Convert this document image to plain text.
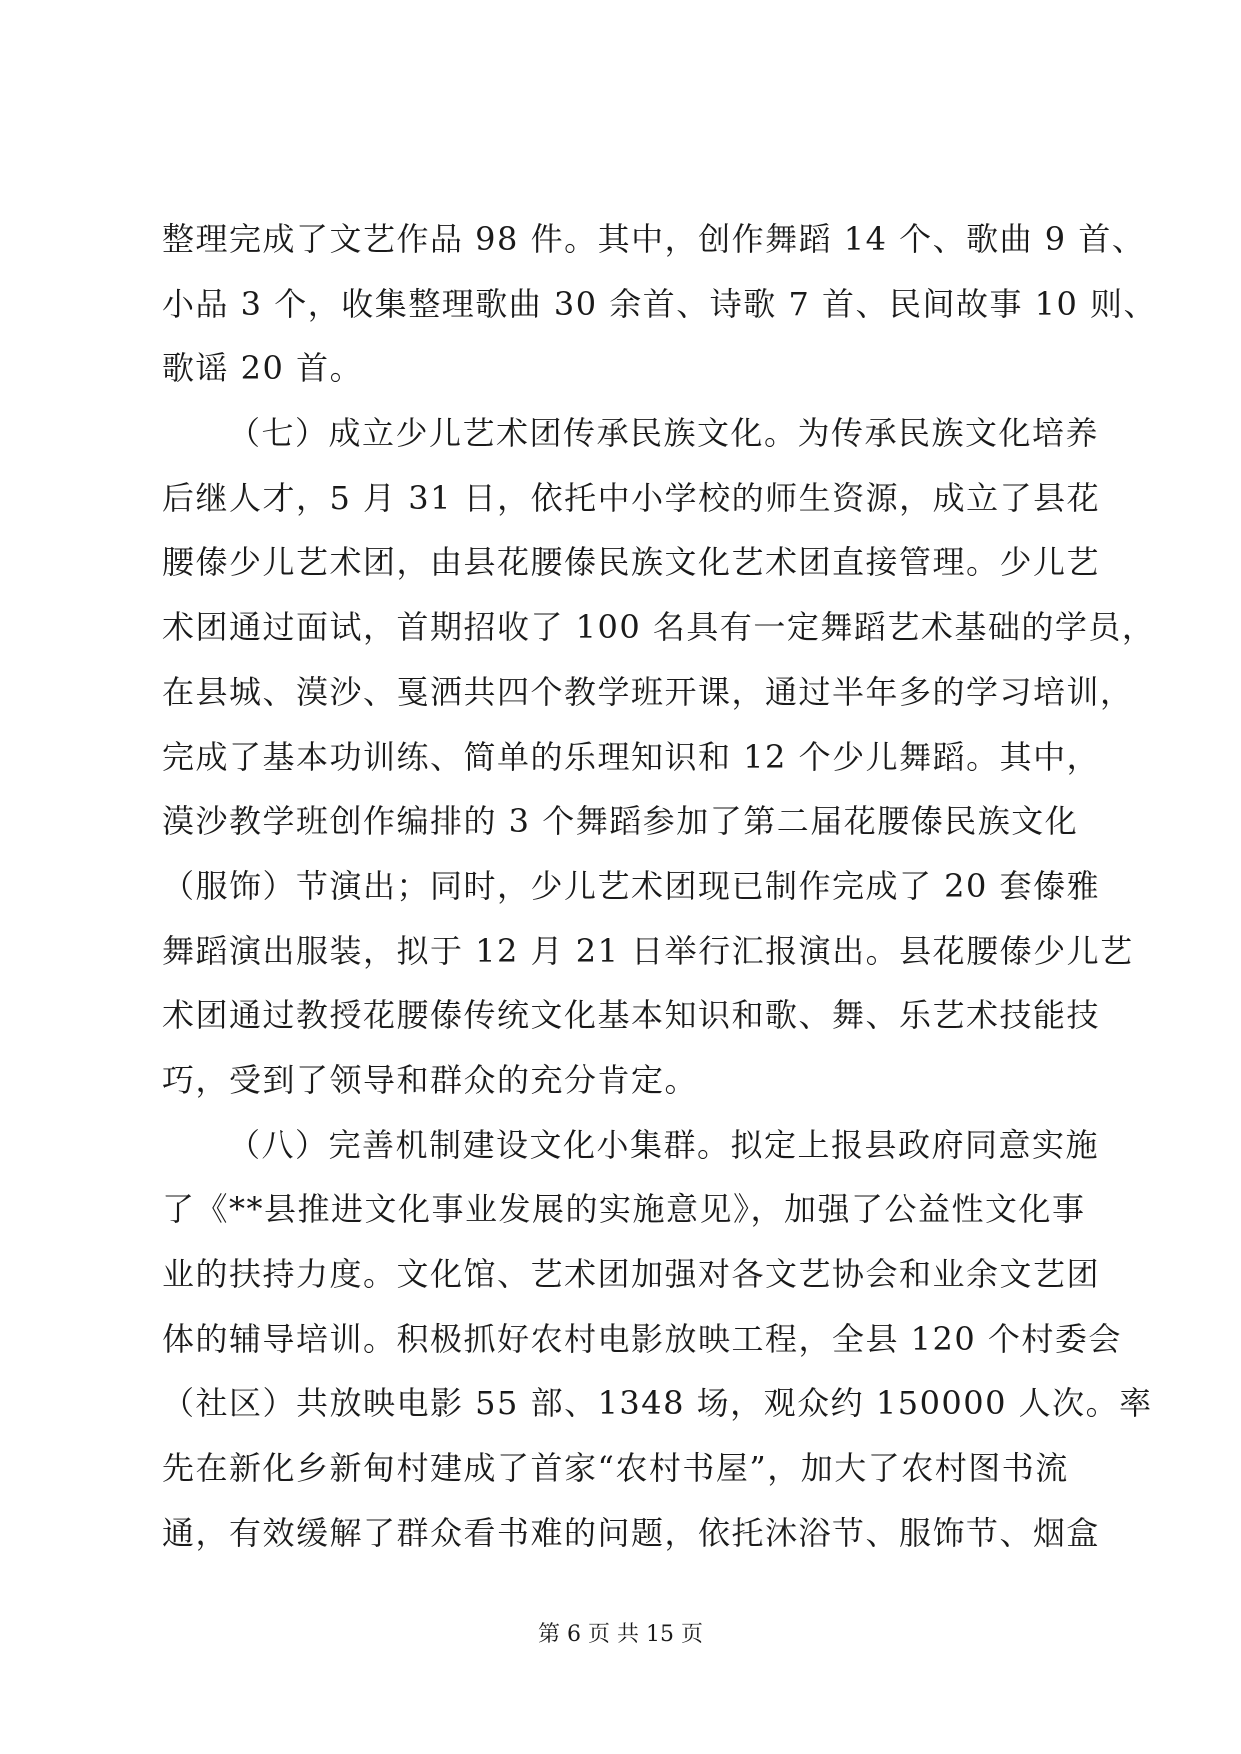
整理完成了文艺作品 98 件。其中，创作舞蹈 14 个、歌曲 9 首、
小品 3 个，收集整理歌曲 30 余首、诗歌 7 首、民间故事 10 则、
歌谣 20 首。
（七）成立少儿艺术团传承民族文化。为传承民族文化培养
后继人才，5 月 31 日，依托中小学校的师生资源，成立了县花
腰傣少儿艺术团，由县花腰傣民族文化艺术团直接管理。少儿艺
术团通过面试，首期招收了 100 名具有一定舞蹈艺术基础的学员，
在县城、漠沙、戛洒共四个教学班开课，通过半年多的学习培训，
完成了基本功训练、简单的乐理知识和 12 个少儿舞蹈。其中，
漠沙教学班创作编排的 3 个舞蹈参加了第二届花腰傣民族文化
（服饰）节演出；同时，少儿艺术团现已制作完成了 20 套傣雅
舞蹈演出服装，拟于 12 月 21 日举行汇报演出。县花腰傣少儿艺
术团通过教授花腰傣传统文化基本知识和歌、舞、乐艺术技能技
巧，受到了领导和群众的充分肯定。
（八）完善机制建设文化小集群。拟定上报县政府同意实施
了《**县推进文化事业发展的实施意见》，加强了公益性文化事
业的扶持力度。文化馆、艺术团加强对各文艺协会和业余文艺团
体的辅导培训。积极抓好农村电影放映工程，全县 120 个村委会
（社区）共放映电影 55 部、1348 场，观众约 150000 人次。率
先在新化乡新甸村建成了首家“农村书屋”，加大了农村图书流
通，有效缓解了群众看书难的问题，依托沐浴节、服饰节、烟盒
第 6 页 共 15 页
